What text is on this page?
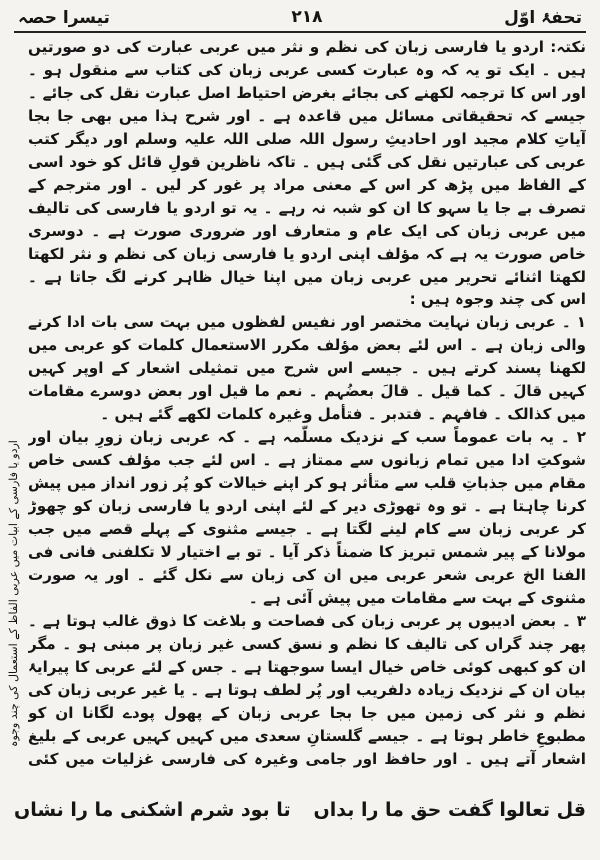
تیسرا حصہ	۲۱۸	تحفۂ اوّل

نکتہ: اردو یا فارسی زبان کی نظم و نثر میں عربی عبارت کی دو صورتیں ہیں ۔ ایک تو یہ کہ وہ عبارت کسی عربی زبان کی کتاب سے منقول ہو ۔ اور اس کا ترجمہ لکھنے کی بجائے بغرض احتیاط اصل عبارت نقل کی جائے ۔ جیسے کہ تحقیقاتی مسائل میں قاعدہ ہے ۔ اور شرح ہذا میں بھی جا بجا آیاتِ کلام مجید اور احادیثِ رسول اللہ صلی اللہ علیہ وسلم اور دیگر کتب عربی کی عبارتیں نقل کی گئی ہیں ۔ تاکہ ناظرین قولِ قائل کو خود اسی کے الفاظ میں پڑھ کر اس کے معنی مراد پر غور کر لیں ۔ اور مترجم کے تصرف بے جا یا سہو کا ان کو شبہ نہ رہے ۔ یہ تو اردو یا فارسی کی تالیف میں عربی زبان کی ایک عام و متعارف اور ضروری صورت ہے ۔ دوسری خاص صورت یہ ہے کہ مؤلف اپنی اردو یا فارسی زبان کی نظم و نثر لکھتا لکھتا اثنائے تحریر میں عربی زبان میں اپنا خیال ظاہر کرنے لگ جاتا ہے ۔ اس کی چند وجوہ ہیں :

۱ ۔ عربی زبان نہایت مختصر اور نفیس لفظوں میں بہت سی بات ادا کرنے والی زبان ہے ۔ اس لئے بعض مؤلف مکرر الاستعمال کلمات کو عربی میں لکھنا پسند کرتے ہیں ۔ جیسے اس شرح میں تمثیلی اشعار کے اوپر کہیں کہیں قالَ ۔ کما قیل ۔ قالَ بعضُہم ۔ نعم ما قیل اور بعض دوسرے مقامات میں کذالک ۔ فافہم ۔ فتدبر ۔ فتأمل وغیرہ کلمات لکھے گئے ہیں ۔

۲ ۔ یہ بات عموماً سب کے نزدیک مسلّمہ ہے ۔ کہ عربی زبان زورِ بیان اور شوکتِ ادا میں تمام زبانوں سے ممتاز ہے ۔ اس لئے جب مؤلف کسی خاص مقام میں جذباتِ قلب سے متأثر ہو کر اپنے خیالات کو پُر زور انداز میں پیش کرنا چاہتا ہے ۔ تو وہ تھوڑی دیر کے لئے اپنی اردو یا فارسی زبان کو چھوڑ کر عربی زبان سے کام لینے لگتا ہے ۔ جیسے مثنوی کے پہلے قصے میں جب مولانا کے پیر شمس تبریز کا ضمناً ذکر آیا ۔ تو بے اختیار لا تکلفنی فانی فی الفنا الخ عربی شعر عربی میں ان کی زبان سے نکل گئے ۔ اور یہ صورت مثنوی کے بہت سے مقامات میں پیش آئی ہے ۔

۳ ۔ بعض ادیبوں پر عربی زبان کی فصاحت و بلاغت کا ذوق غالب ہوتا ہے ۔ پھر چند گراں کی تالیف کا نظم و نسق کسی غیر زبان پر مبنی ہو ۔ مگر ان کو کبھی کوئی خاص خیال ایسا سوجھتا ہے ۔ جس کے لئے عربی کا پیرایۂ بیان ان کے نزدیک زیادہ دلفریب اور پُر لطف ہوتا ہے ۔ یا غیر عربی زبان کی نظم و نثر کی زمین میں جا بجا عربی زبان کے پھول پودے لگانا ان کو مطبوعِ خاطر ہوتا ہے ۔ جیسے گلستانِ سعدی میں کہیں کہیں عربی کے بلیغ اشعار آتے ہیں ۔ اور حافظ اور جامی وغیرہ کی فارسی غزلیات میں کئی

اردو یا فارسی کے ابیات میں عربی الفاظ کے استعمال کی چند وجوہ
قل تعالوا گفت حق ما را بداں
تا بود شرم اشکنی ما را نشاں
